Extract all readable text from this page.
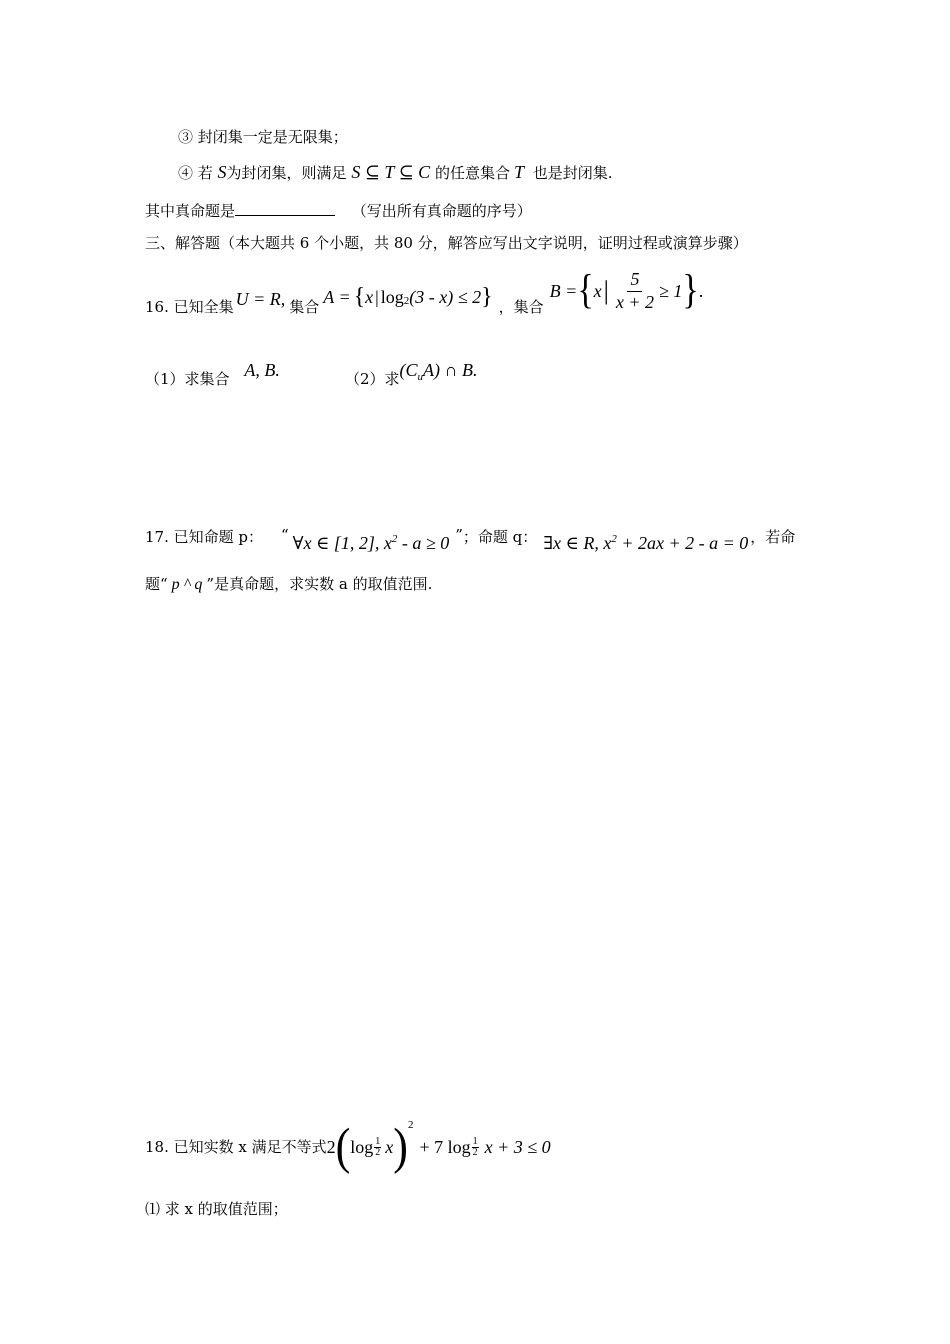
③ 封闭集一定是无限集；
④ 若 S为封闭集，则满足 S ⊆ T ⊆ C 的任意集合 T 也是封闭集.
其中真命题是	（写出所有真命题的序号）
三、解答题（本大题共 6 个小题，共 80 分，解答应写出文字说明，证明过程或演算步骤）
16. 已知全集 U = R, 集合 A = { x | log 2 (3 - x) ≤ 2 } ，集合
B = { x | $\frac{5}{x + 2} \ge 1$ } .
（1）求集合 A, B.	（2）求$(C_uA)$ ∩ B.
17. 已知命题 p： “ ∀x ∈ [1, 2], $x^2 - a \ge 0$ ” ；命题 q： ∃x ∈ R, $x^2 + 2ax + 2 - a = 0$ ，若命
题“ p ^ q ”是真命题，求实数 a 的取值范围.
18. 已知实数 x 满足不等式 2 ( $\log \frac{1}{2}$ x ) 2
+ 7 $\log \frac{1}{2}$ x + 3 ≤ 0
⑴ 求 x 的取值范围；
